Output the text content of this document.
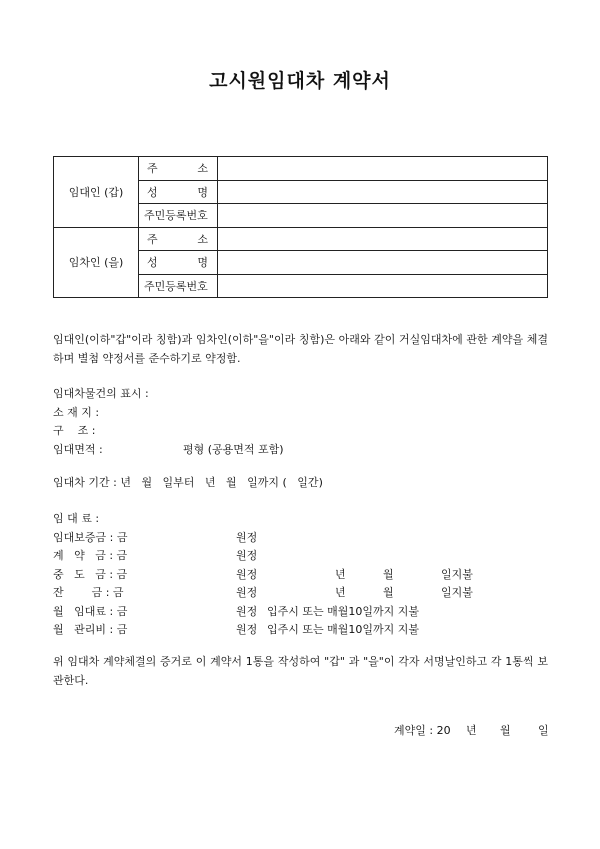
고시원임대차 계약서
임대인 (갑)	주 소	

	성 명	

	주민등록번호	

임차인 (을)	주 소	

	성 명	

	주민등록번호	

임대인(이하"갑"이라 칭함)과 임차인(이하"을"이라 칭함)은 아래와 같이 거실임대차에 관한 계약을 체결하며 별첨 약정서를 준수하기로 약정함.
임대차물건의 표시 :
소 재 지 :
구    조 :

임대면적 :

	평형 (공용면적 포함)

임대차 기간 : 년   월   일부터   년   월   일까지 (   일간)
임 대 료 :
임대보증금 : 금	원정
계   약   금 : 금	원정
중   도   금 : 금	원정	년	월	일지불
잔        금 : 금	원정	년	월	일지불
월   임대료 : 금	원정 입주시 또는 매월10일까지 지불
월   관리비 : 금	원정 입주시 또는 매월10일까지 지불
위 임대차 계약체결의 증거로 이 계약서 1통을 작성하여 "갑" 과 "을"이 각자 서명날인하고 각 1통씩 보관한다.
계약일 : 20 년 월 일
